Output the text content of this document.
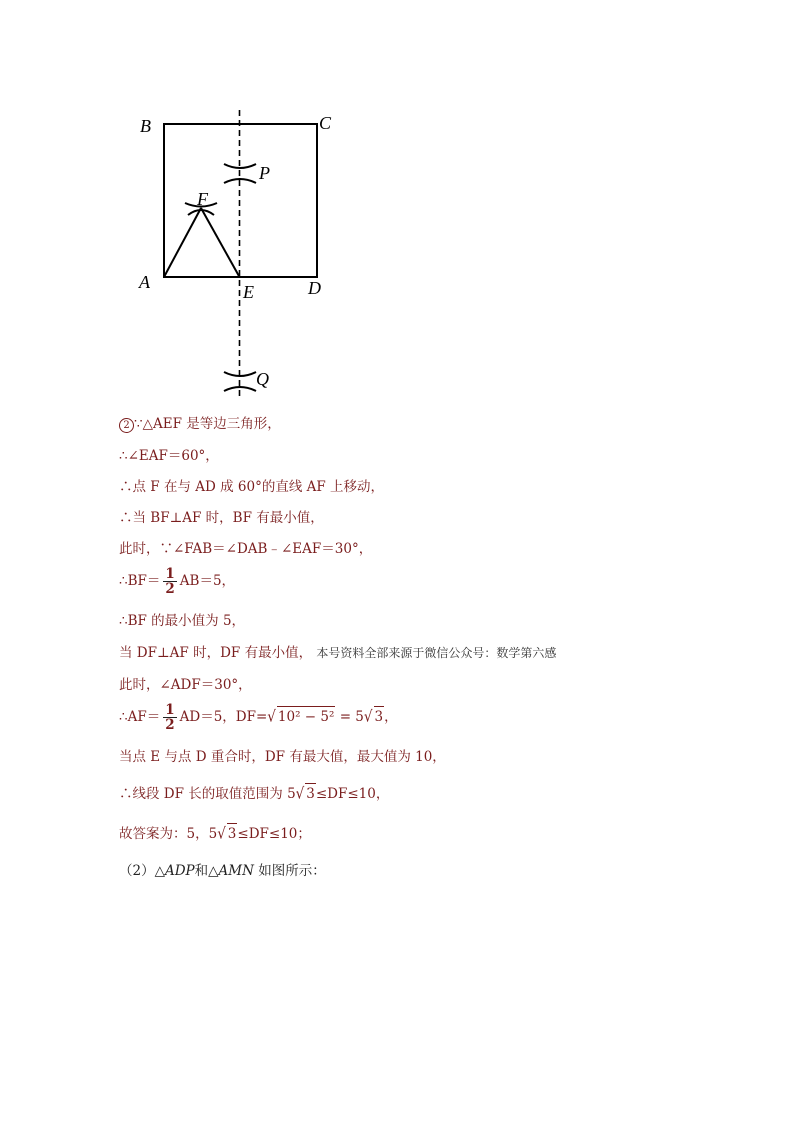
B	C
P
F
A	E	D
Q
2 ∵△AEF 是等边三角形，
∴∠EAF＝60°，
∴点 F 在与 AD 成 60°的直线 AF 上移动，
∴当 BF⊥AF 时，BF 有最小值，
此时，∵∠FAB＝∠DAB﹣∠EAF＝30°，
∴BF＝ $\frac{1}{2} AB=5$，
∴BF 的最小值为 5，
当 DF⊥AF 时，DF 有最小值， 本号资料全部来源于微信公众号：数学第六感
此时，∠ADF＝30°，
∴AF＝ $\frac{1}{2} AD=5$，DF=√ 10² − 5² = 5√ 3，
当点 E 与点 D 重合时，DF 有最大值，最大值为 10，
∴线段 DF 长的取值范围为 5√ 3≤DF≤10，
故答案为：5，5√ 3≤DF≤10；
（2）△ADP和△AMN 如图所示：
